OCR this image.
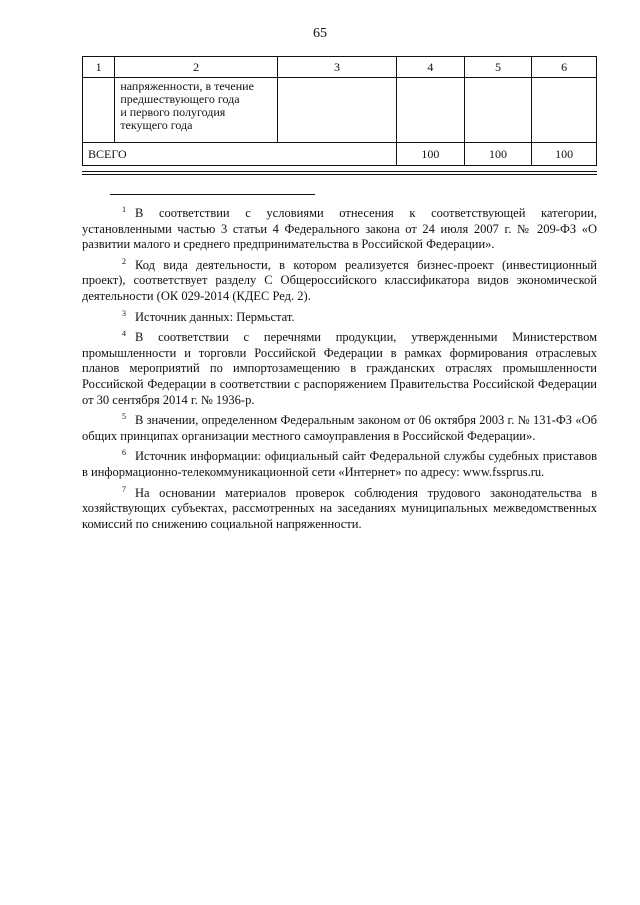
65
1	2	3	4	5	6

	напряженности, в течение
предшествующего года
и первого полугодия
текущего года				

ВСЕГО			100	100	100

$^1$ В соответствии с условиями отнесения к соответствующей категории, установленными частью 3 статьи 4 Федерального закона от 24 июля 2007 г. № 209-ФЗ «О развитии малого и среднего предпринимательства в Российской Федерации».

$^2$ Код вида деятельности, в котором реализуется бизнес-проект (инвестиционный проект), соответствует разделу С Общероссийского классификатора видов экономической деятельности (ОК 029-2014 (КДЕС Ред. 2).

$^3$ Источник данных: Пермьстат.

$^4$ В соответствии с перечнями продукции, утвержденными Министерством промышленности и торговли Российской Федерации в рамках формирования отраслевых планов мероприятий по импортозамещению в гражданских отраслях промышленности Российской Федерации в соответствии с распоряжением Правительства Российской Федерации от 30 сентября 2014 г. № 1936-р.

$^5$ В значении, определенном Федеральным законом от 06 октября 2003 г. № 131-ФЗ «Об общих принципах организации местного самоуправления в Российской Федерации».

$^6$ Источник информации: официальный сайт Федеральной службы судебных приставов в информационно-телекоммуникационной сети «Интернет» по адресу: www.fssprus.ru.

$^7$ На основании материалов проверок соблюдения трудового законодательства в хозяйствующих субъектах, рассмотренных на заседаниях муниципальных межведомственных комиссий по снижению социальной напряженности.
